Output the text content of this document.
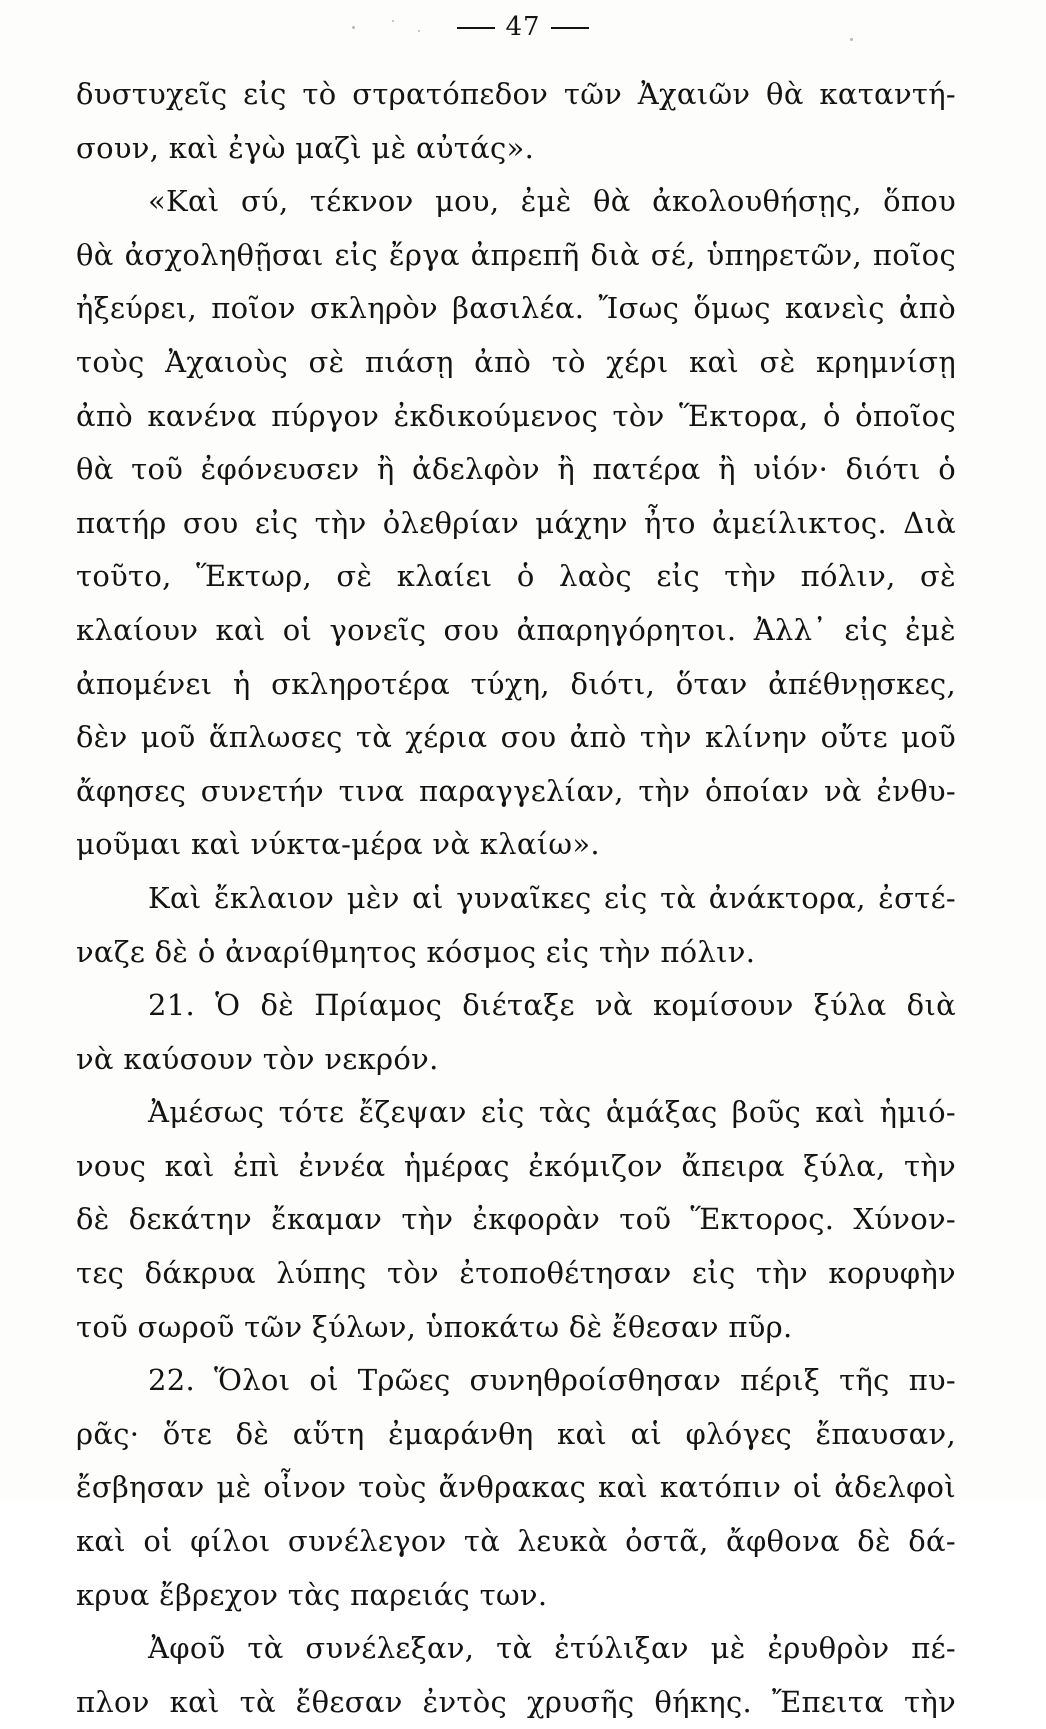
47
δυστυχεῖς εἰς τὸ στρατόπεδον τῶν Ἀχαιῶν θὰ καταντή-
σουν, καὶ ἐγὼ μαζὶ μὲ αὐτάς».
«Καὶ σύ, τέκνον μου, ἐμὲ θὰ ἀκολουθήσῃς, ὅπου
θὰ ἀσχοληθῇσαι εἰς ἔργα ἀπρεπῆ διὰ σέ, ὑπηρετῶν, ποῖος
ἠξεύρει, ποῖον σκληρὸν βασιλέα. Ἴσως ὅμως κανεὶς ἀπὸ
τοὺς Ἀχαιοὺς σὲ πιάσῃ ἀπὸ τὸ χέρι καὶ σὲ κρημνίσῃ
ἀπὸ κανένα πύργον ἐκδικούμενος τὸν Ἕκτορα, ὁ ὁποῖος
θὰ τοῦ ἐφόνευσεν ἢ ἀδελφὸν ἢ πατέρα ἢ υἱόν· διότι ὁ
πατήρ σου εἰς τὴν ὀλεθρίαν μάχην ἦτο ἀμείλικτος. Διὰ
τοῦτο, Ἕκτωρ, σὲ κλαίει ὁ λαὸς εἰς τὴν πόλιν, σὲ
κλαίουν καὶ οἱ γονεῖς σου ἀπαρηγόρητοι. Ἀλλ᾽ εἰς ἐμὲ
ἀπομένει ἡ σκληροτέρα τύχη, διότι, ὅταν ἀπέθνῃσκες,
δὲν μοῦ ἅπλωσες τὰ χέρια σου ἀπὸ τὴν κλίνην οὔτε μοῦ
ἄφησες συνετήν τινα παραγγελίαν, τὴν ὁποίαν νὰ ἐνθυ-
μοῦμαι καὶ νύκτα-μέρα νὰ κλαίω».
Καὶ ἔκλαιον μὲν αἱ γυναῖκες εἰς τὰ ἀνάκτορα, ἐστέ-
ναζε δὲ ὁ ἀναρίθμητος κόσμος εἰς τὴν πόλιν.
21. Ὁ δὲ Πρίαμος διέταξε νὰ κομίσουν ξύλα διὰ
νὰ καύσουν τὸν νεκρόν.
Ἀμέσως τότε ἔζεψαν εἰς τὰς ἁμάξας βοῦς καὶ ἡμιό-
νους καὶ ἐπὶ ἐννέα ἡμέρας ἐκόμιζον ἄπειρα ξύλα, τὴν
δὲ δεκάτην ἔκαμαν τὴν ἐκφορὰν τοῦ Ἕκτορος. Χύνον-
τες δάκρυα λύπης τὸν ἐτοποθέτησαν εἰς τὴν κορυφὴν
τοῦ σωροῦ τῶν ξύλων, ὑποκάτω δὲ ἔθεσαν πῦρ.
22. Ὅλοι οἱ Τρῶες συνηθροίσθησαν πέριξ τῆς πυ-
ρᾶς· ὅτε δὲ αὕτη ἐμαράνθη καὶ αἱ φλόγες ἔπαυσαν,
ἔσβησαν μὲ οἶνον τοὺς ἄνθρακας καὶ κατόπιν οἱ ἀδελφοὶ
καὶ οἱ φίλοι συνέλεγον τὰ λευκὰ ὀστᾶ, ἄφθονα δὲ δά-
κρυα ἔβρεχον τὰς παρειάς των.
Ἀφοῦ τὰ συνέλεξαν, τὰ ἐτύλιξαν μὲ ἐρυθρὸν πέ-
πλον καὶ τὰ ἔθεσαν ἐντὸς χρυσῆς θήκης. Ἔπειτα τὴν
